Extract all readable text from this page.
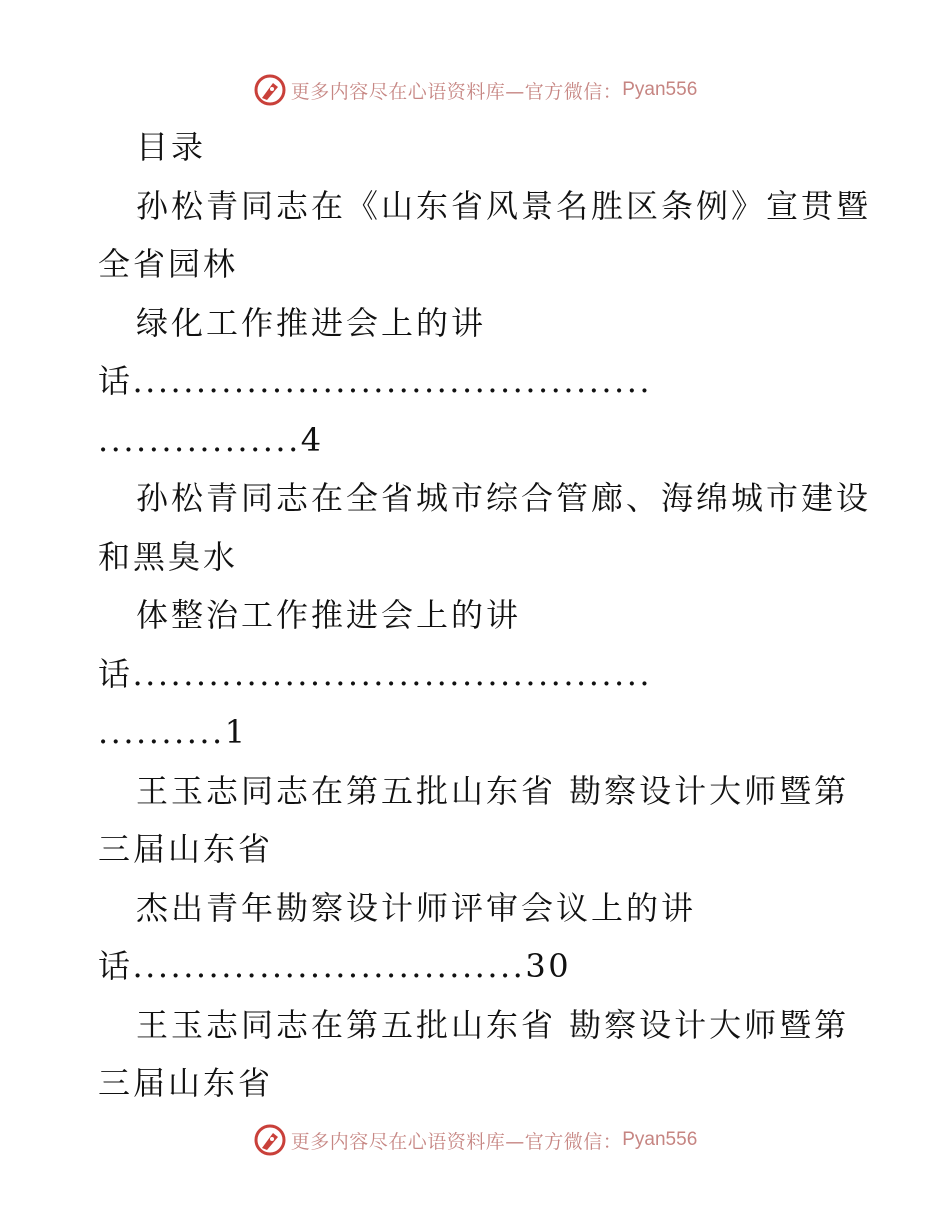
更多内容尽在心语资料库—官方微信： Pyan556
目录
孙松青同志在《山东省风景名胜区条例》宣贯暨
全省园林
绿化工作推进会上的讲
话.........................................
................4
孙松青同志在全省城市综合管廊、海绵城市建设
和黑臭水
体整治工作推进会上的讲
话.........................................
..........1
王玉志同志在第五批山东省 勘察设计大师暨第
三届山东省
杰出青年勘察设计师评审会议上的讲
话...............................30
王玉志同志在第五批山东省 勘察设计大师暨第
三届山东省
更多内容尽在心语资料库—官方微信： Pyan556
